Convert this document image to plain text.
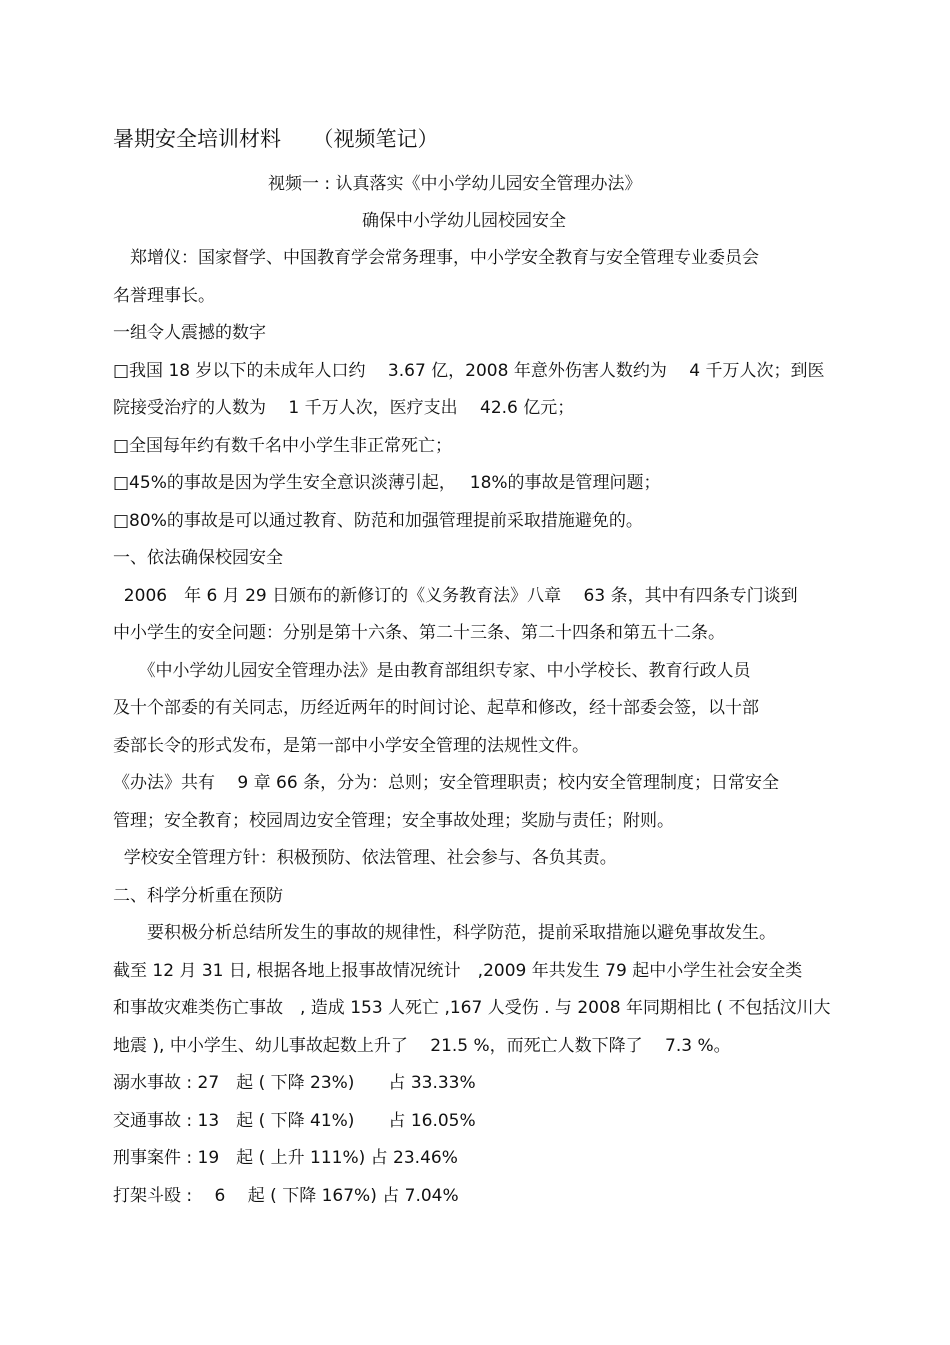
暑期安全培训材料　　（视频笔记）
视频一 : 认真落实《中小学幼儿园安全管理办法》
确保中小学幼儿园校园安全
　郑增仪：国家督学、中国教育学会常务理事，中小学安全教育与安全管理专业委员会
名誉理事长。
一组令人震撼的数字
□我国 18 岁以下的未成年人口约　 3.67 亿，2008 年意外伤害人数约为　 4 千万人次；到医
院接受治疗的人数为　 1 千万人次，医疗支出　 42.6 亿元；
□全国每年约有数千名中小学生非正常死亡；
□45%的事故是因为学生安全意识淡薄引起，　 18%的事故是管理问题；
□80%的事故是可以通过教育、防范和加强管理提前采取措施避免的。
一、依法确保校园安全
2006　年 6 月 29 日颁布的新修订的《义务教育法》八章　 63 条，其中有四条专门谈到
中小学生的安全问题：分别是第十六条、第二十三条、第二十四条和第五十二条。
　　《中小学幼儿园安全管理办法》是由教育部组织专家、中小学校长、教育行政人员
及十个部委的有关同志，历经近两年的时间讨论、起草和修改，经十部委会签，以十部
委部长令的形式发布，是第一部中小学安全管理的法规性文件。
《办法》共有　 9 章 66 条，分为：总则；安全管理职责；校内安全管理制度；日常安全
管理；安全教育；校园周边安全管理；安全事故处理；奖励与责任；附则。
学校安全管理方针：积极预防、依法管理、社会参与、各负其责。
二、科学分析重在预防
　　要积极分析总结所发生的事故的规律性，科学防范，提前采取措施以避免事故发生。
截至 12 月 31 日, 根据各地上报事故情况统计　,2009 年共发生 79 起中小学生社会安全类
和事故灾难类伤亡事故　, 造成 153 人死亡 ,167 人受伤 . 与 2008 年同期相比 ( 不包括汶川大
地震 ), 中小学生、幼儿事故起数上升了　 21.5 %，而死亡人数下降了　 7.3 %。
溺水事故 : 27　起 ( 下降 23%)　　占 33.33%
交通事故 : 13　起 ( 下降 41%)　　占 16.05%
刑事案件 : 19　起 ( 上升 111%) 占 23.46%
打架斗殴 :　 6　 起 ( 下降 167%) 占 7.04%
